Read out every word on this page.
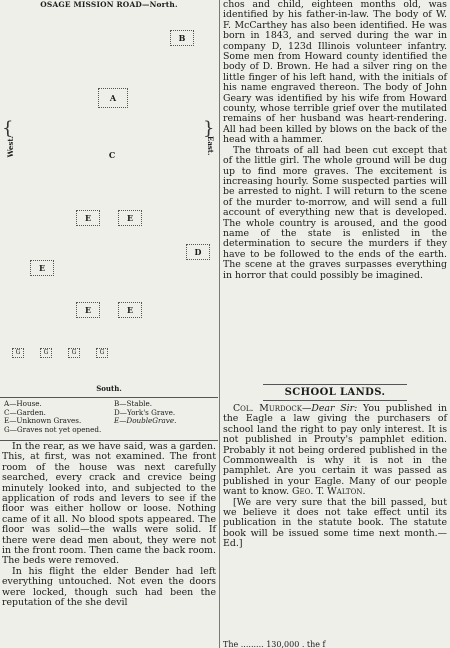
OSAGE MISSION ROAD—North.
B
A
C
{
West.
}
East.
E	E
D
E
E	E
G	G	G	G
South.
A—House.	B—Stable.
C—Garden.	D—York's Grave.
E—Unknown Graves.	E—DoubleGrave.
G—Graves not yet opened.

In the rear, as we have said, was a garden. This, at first, was not examined. The front room of the house was next carefully searched, every crack and crevice being minutely looked into, and subjected to the application of rods and levers to see if the floor was either hollow or loose. Nothing came of it all. No blood spots appeared. The floor was solid—the walls were solid. If there were dead men about, they were not in the front room. Then came the back room. The beds were removed.

In his flight the elder Bender had left everything untouched. Not even the doors were locked, though such had been the reputation of the she devil

chos and child, eighteen months old, was identified by his father-in-law. The body of W. F. McCarthey has also been identified. He was born in 1843, and served during the war in company D, 123d Illinois volunteer infantry. Some men from Howard county identified the body of D. Brown. He had a silver ring on the little finger of his left hand, with the initials of his name engraved thereon. The body of John Geary was identified by his wife from Howard county, whose terrible grief over the mutilated remains of her husband was heart-rendering. All had been killed by blows on the back of the head with a hammer.

The throats of all had been cut except that of the little girl. The whole ground will be dug up to find more graves. The excitement is increasing hourly. Some suspected parties will be arrested to night. I will return to the scene of the murder to-morrow, and will send a full account of everything new that is developed. The whole country is aroused, and the good name of the state is enlisted in the determination to secure the murders if they have to be followed to the ends of the earth. The scene at the graves surpasses everything in horror that could possibly be imagined.

SCHOOL LANDS.

Col. Murdock—Dear Sir: You published in the Eagle a law giving the purchasers of school land the right to pay only interest. It is not published in Prouty's pamphlet edition. Probably it not being ordered published in the Commonwealth is why it is not in the pamphlet. Are you certain it was passed as published in your Eagle. Many of our people want to know. Geo. T. Walton.

[We are very sure that the bill passed, but we believe it does not take effect until its publication in the statute book. The statute book will be issued some time next month.—Ed.]

The ......... 130,000 . the f
